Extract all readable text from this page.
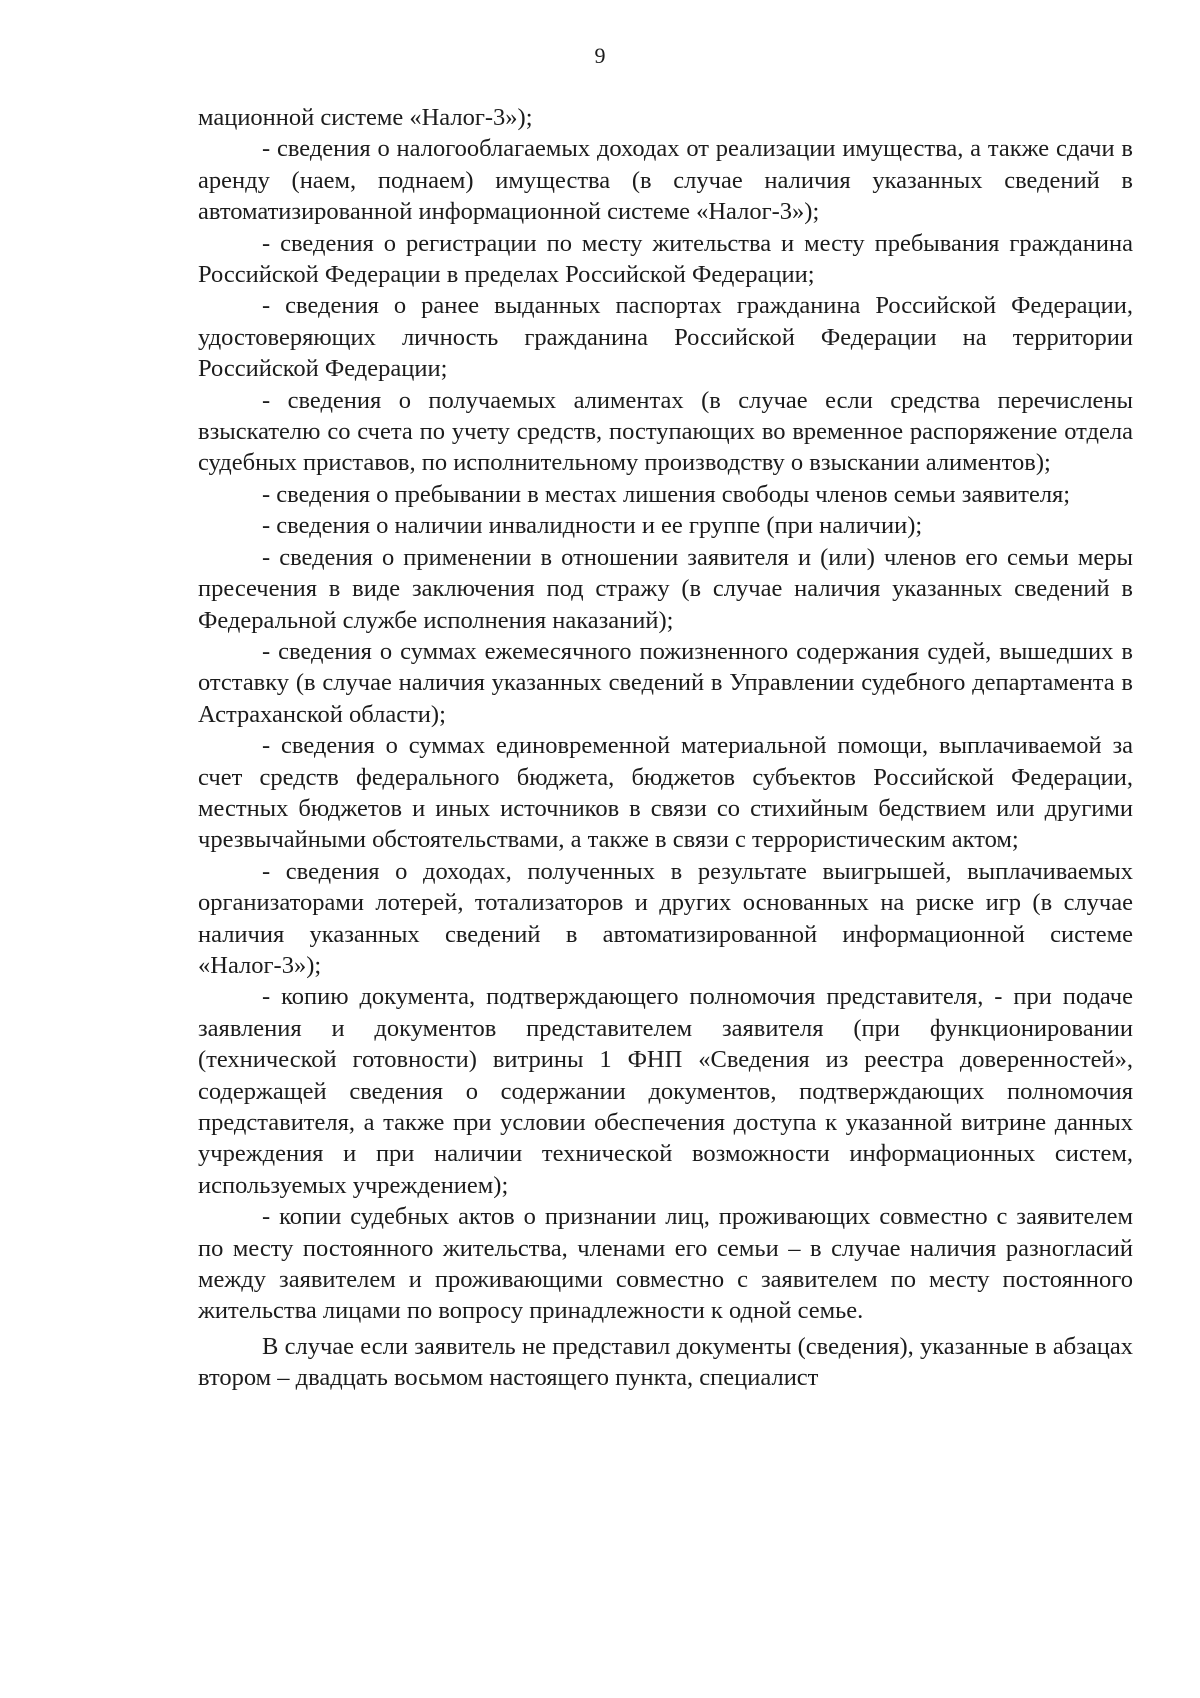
9

мационной системе «Налог-3»);

- сведения о налогооблагаемых доходах от реализации имущества, а также сдачи в аренду (наем, поднаем) имущества (в случае наличия указанных сведений в автоматизированной информационной системе «Налог-3»);

- сведения о регистрации по месту жительства и месту пребывания гражданина Российской Федерации в пределах Российской Федерации;

- сведения о ранее выданных паспортах гражданина Российской Федерации, удостоверяющих личность гражданина Российской Федерации на территории Российской Федерации;

- сведения о получаемых алиментах (в случае если средства перечислены взыскателю со счета по учету средств, поступающих во временное распоряжение отдела судебных приставов, по исполнительному производству о взыскании алиментов);

- сведения о пребывании в местах лишения свободы членов семьи заявителя;

- сведения о наличии инвалидности и ее группе (при наличии);

- сведения о применении в отношении заявителя и (или) членов его семьи меры пресечения в виде заключения под стражу (в случае наличия указанных сведений в Федеральной службе исполнения наказаний);

- сведения о суммах ежемесячного пожизненного содержания судей, вышедших в отставку (в случае наличия указанных сведений в Управлении судебного департамента в Астраханской области);

- сведения о суммах единовременной материальной помощи, выплачиваемой за счет средств федерального бюджета, бюджетов субъектов Российской Федерации, местных бюджетов и иных источников в связи со стихийным бедствием или другими чрезвычайными обстоятельствами, а также в связи с террористическим актом;

- сведения о доходах, полученных в результате выигрышей, выплачиваемых организаторами лотерей, тотализаторов и других основанных на риске игр (в случае наличия указанных сведений в автоматизированной информационной системе «Налог-3»);

- копию документа, подтверждающего полномочия представителя, - при подаче заявления и документов представителем заявителя (при функционировании (технической готовности) витрины 1 ФНП «Сведения из реестра доверенностей», содержащей сведения о содержании документов, подтверждающих полномочия представителя, а также при условии обеспечения доступа к указанной витрине данных учреждения и при наличии технической возможности информационных систем, используемых учреждением);

- копии судебных актов о признании лиц, проживающих совместно с заявителем по месту постоянного жительства, членами его семьи – в случае наличия разногласий между заявителем и проживающими совместно с заявителем по месту постоянного жительства лицами по вопросу принадлежности к одной семье.

В случае если заявитель не представил документы (сведения), указанные в абзацах втором – двадцать восьмом настоящего пункта, специалист
